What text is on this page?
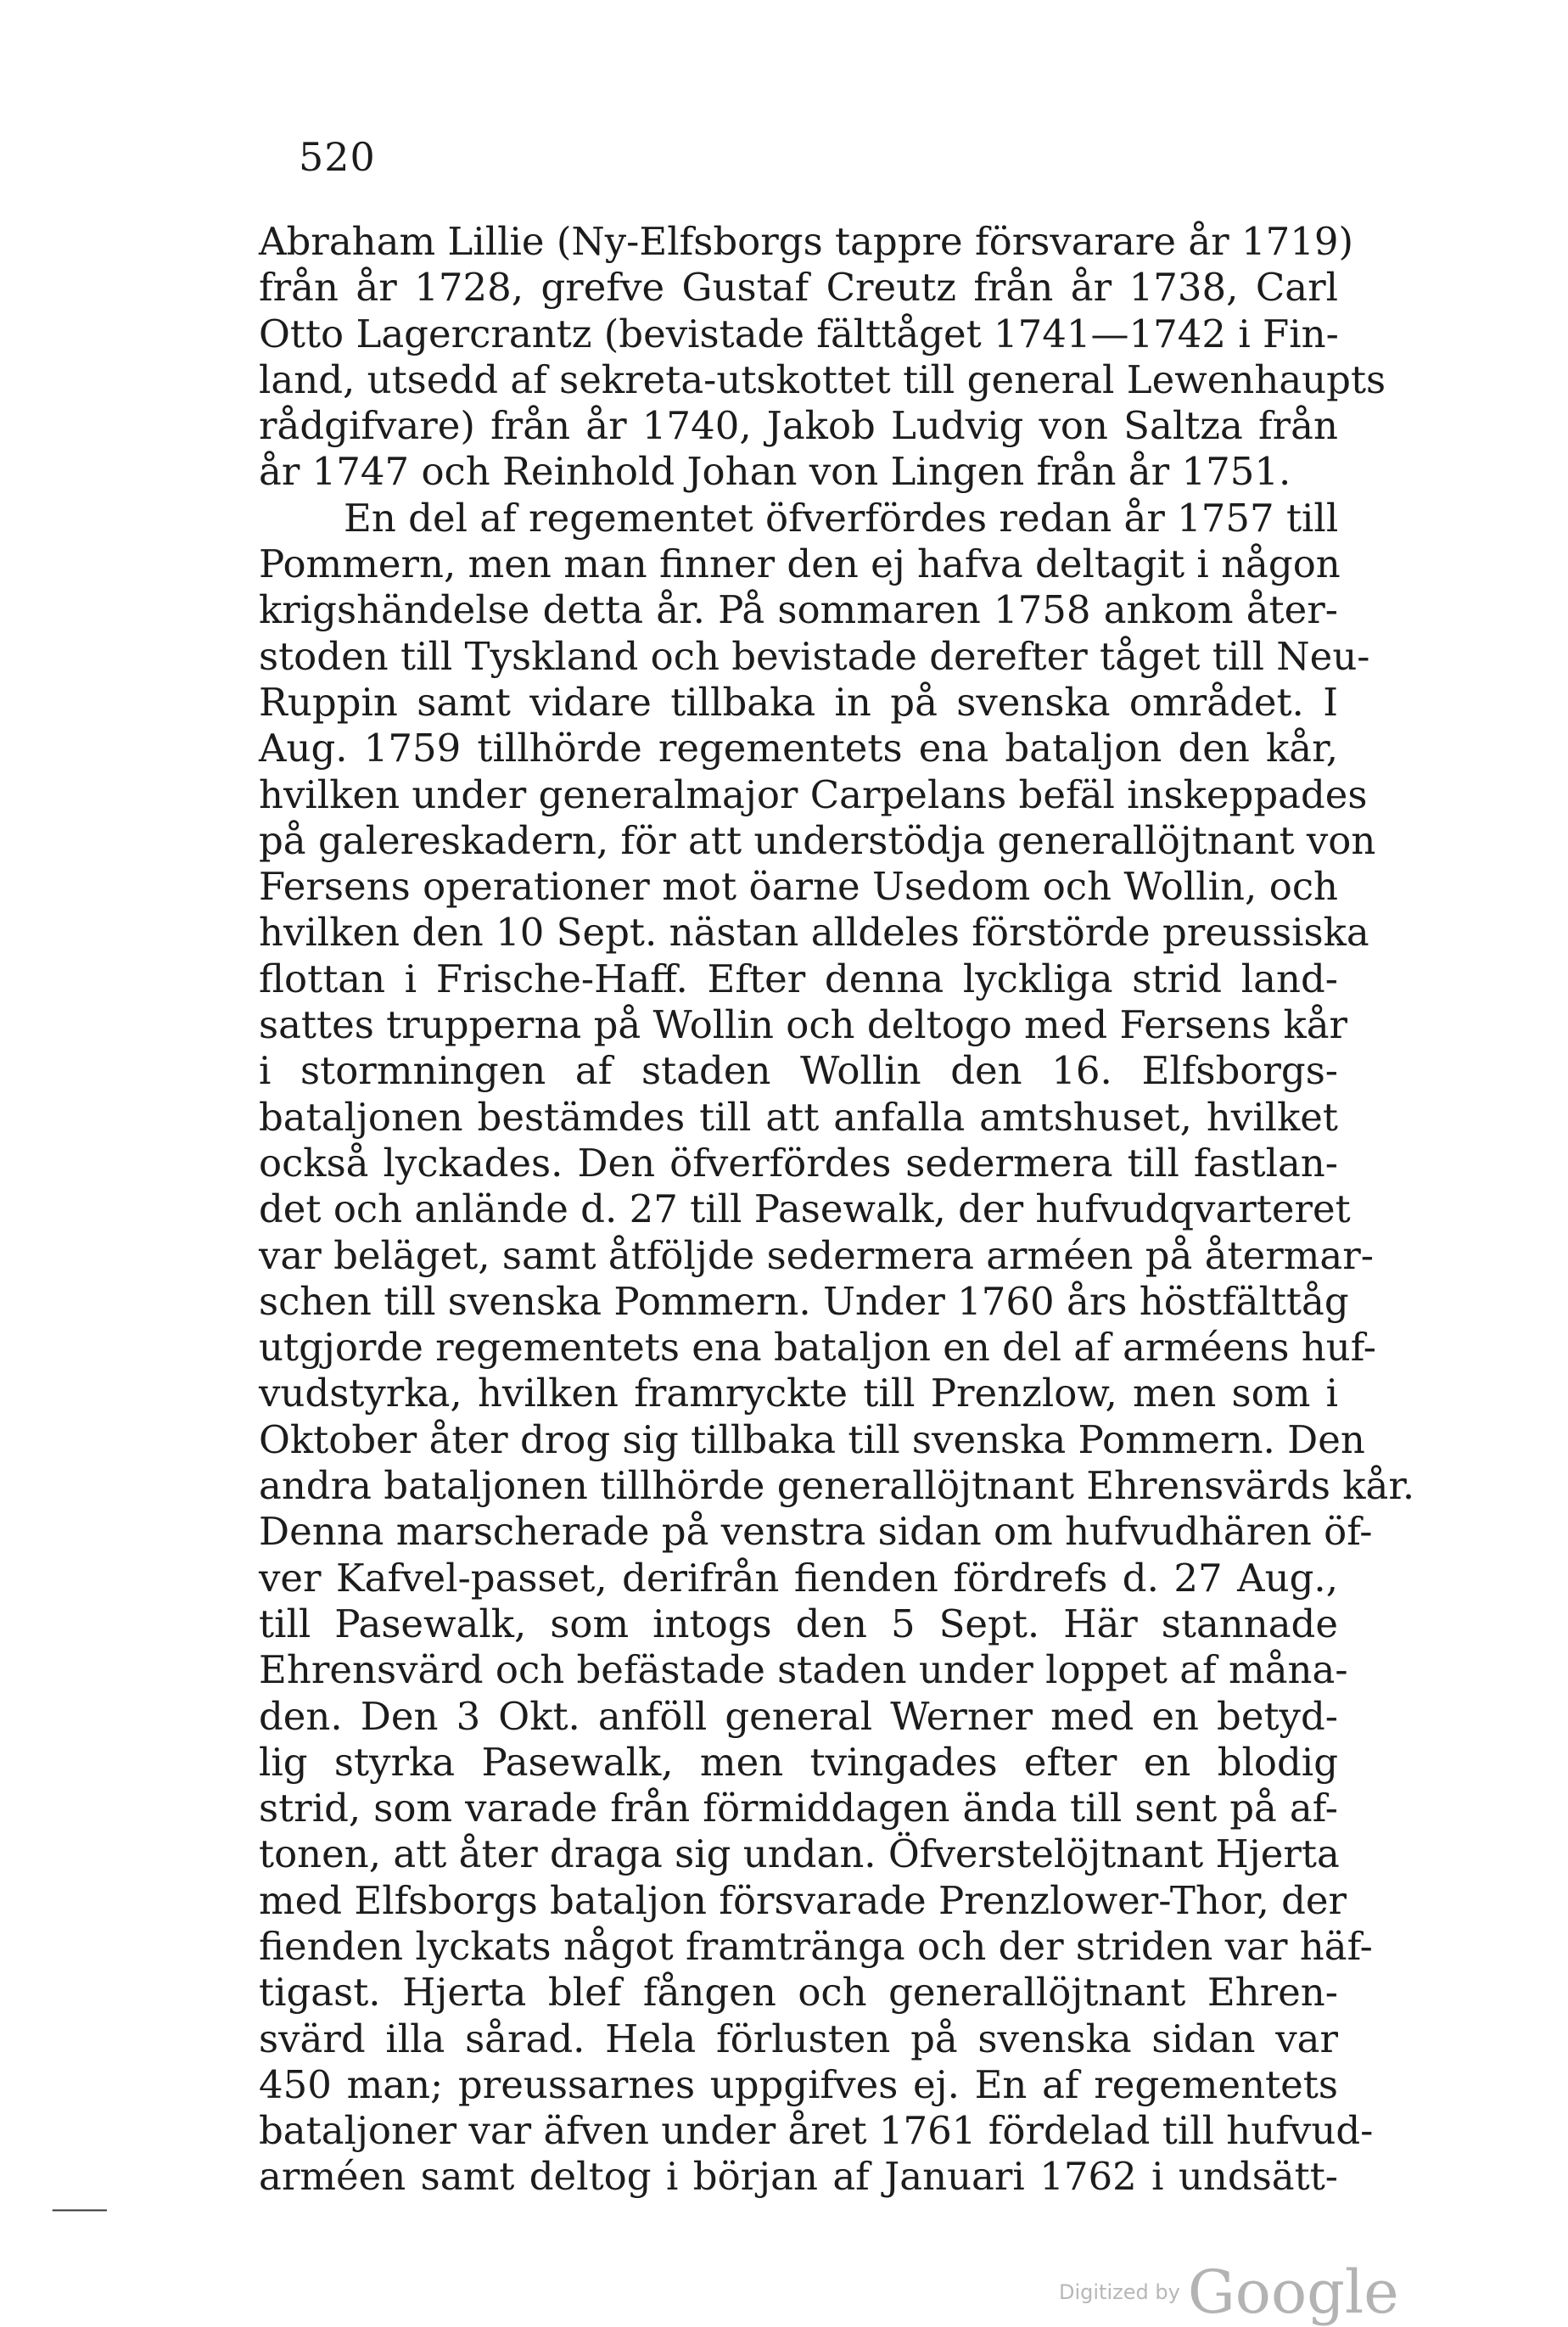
520
Abraham Lillie (Ny-Elfsborgs tappre försvarare år 1719)
från år 1728, grefve Gustaf Creutz från år 1738, Carl
Otto Lagercrantz (bevistade fälttåget 1741—1742 i Fin-
land, utsedd af sekreta-utskottet till general Lewenhaupts
rådgifvare) från år 1740, Jakob Ludvig von Saltza från
år 1747 och Reinhold Johan von Lingen från år 1751.
En del af regementet öfverfördes redan år 1757 till
Pommern, men man finner den ej hafva deltagit i någon
krigshändelse detta år. På sommaren 1758 ankom åter-
stoden till Tyskland och bevistade derefter tåget till Neu-
Ruppin samt vidare tillbaka in på svenska området. I
Aug. 1759 tillhörde regementets ena bataljon den kår,
hvilken under generalmajor Carpelans befäl inskeppades
på galereskadern, för att understödja generallöjtnant von
Fersens operationer mot öarne Usedom och Wollin, och
hvilken den 10 Sept. nästan alldeles förstörde preussiska
flottan i Frische-Haff. Efter denna lyckliga strid land-
sattes trupperna på Wollin och deltogo med Fersens kår
i stormningen af staden Wollin den 16. Elfsborgs-
bataljonen bestämdes till att anfalla amtshuset, hvilket
också lyckades. Den öfverfördes sedermera till fastlan-
det och anlände d. 27 till Pasewalk, der hufvudqvarteret
var beläget, samt åtföljde sedermera arméen på återmar-
schen till svenska Pommern. Under 1760 års höstfälttåg
utgjorde regementets ena bataljon en del af arméens huf-
vudstyrka, hvilken framryckte till Prenzlow, men som i
Oktober åter drog sig tillbaka till svenska Pommern. Den
andra bataljonen tillhörde generallöjtnant Ehrensvärds kår.
Denna marscherade på venstra sidan om hufvudhären öf-
ver Kafvel-passet, derifrån fienden fördrefs d. 27 Aug.,
till Pasewalk, som intogs den 5 Sept. Här stannade
Ehrensvärd och befästade staden under loppet af måna-
den. Den 3 Okt. anföll general Werner med en betyd-
lig styrka Pasewalk, men tvingades efter en blodig
strid, som varade från förmiddagen ända till sent på af-
tonen, att åter draga sig undan. Öfverstelöjtnant Hjerta
med Elfsborgs bataljon försvarade Prenzlower-Thor, der
fienden lyckats något framtränga och der striden var häf-
tigast. Hjerta blef fången och generallöjtnant Ehren-
svärd illa sårad. Hela förlusten på svenska sidan var
450 man; preussarnes uppgifves ej. En af regementets
bataljoner var äfven under året 1761 fördelad till hufvud-
arméen samt deltog i början af Januari 1762 i undsätt-
⸺
Digitized by Google
